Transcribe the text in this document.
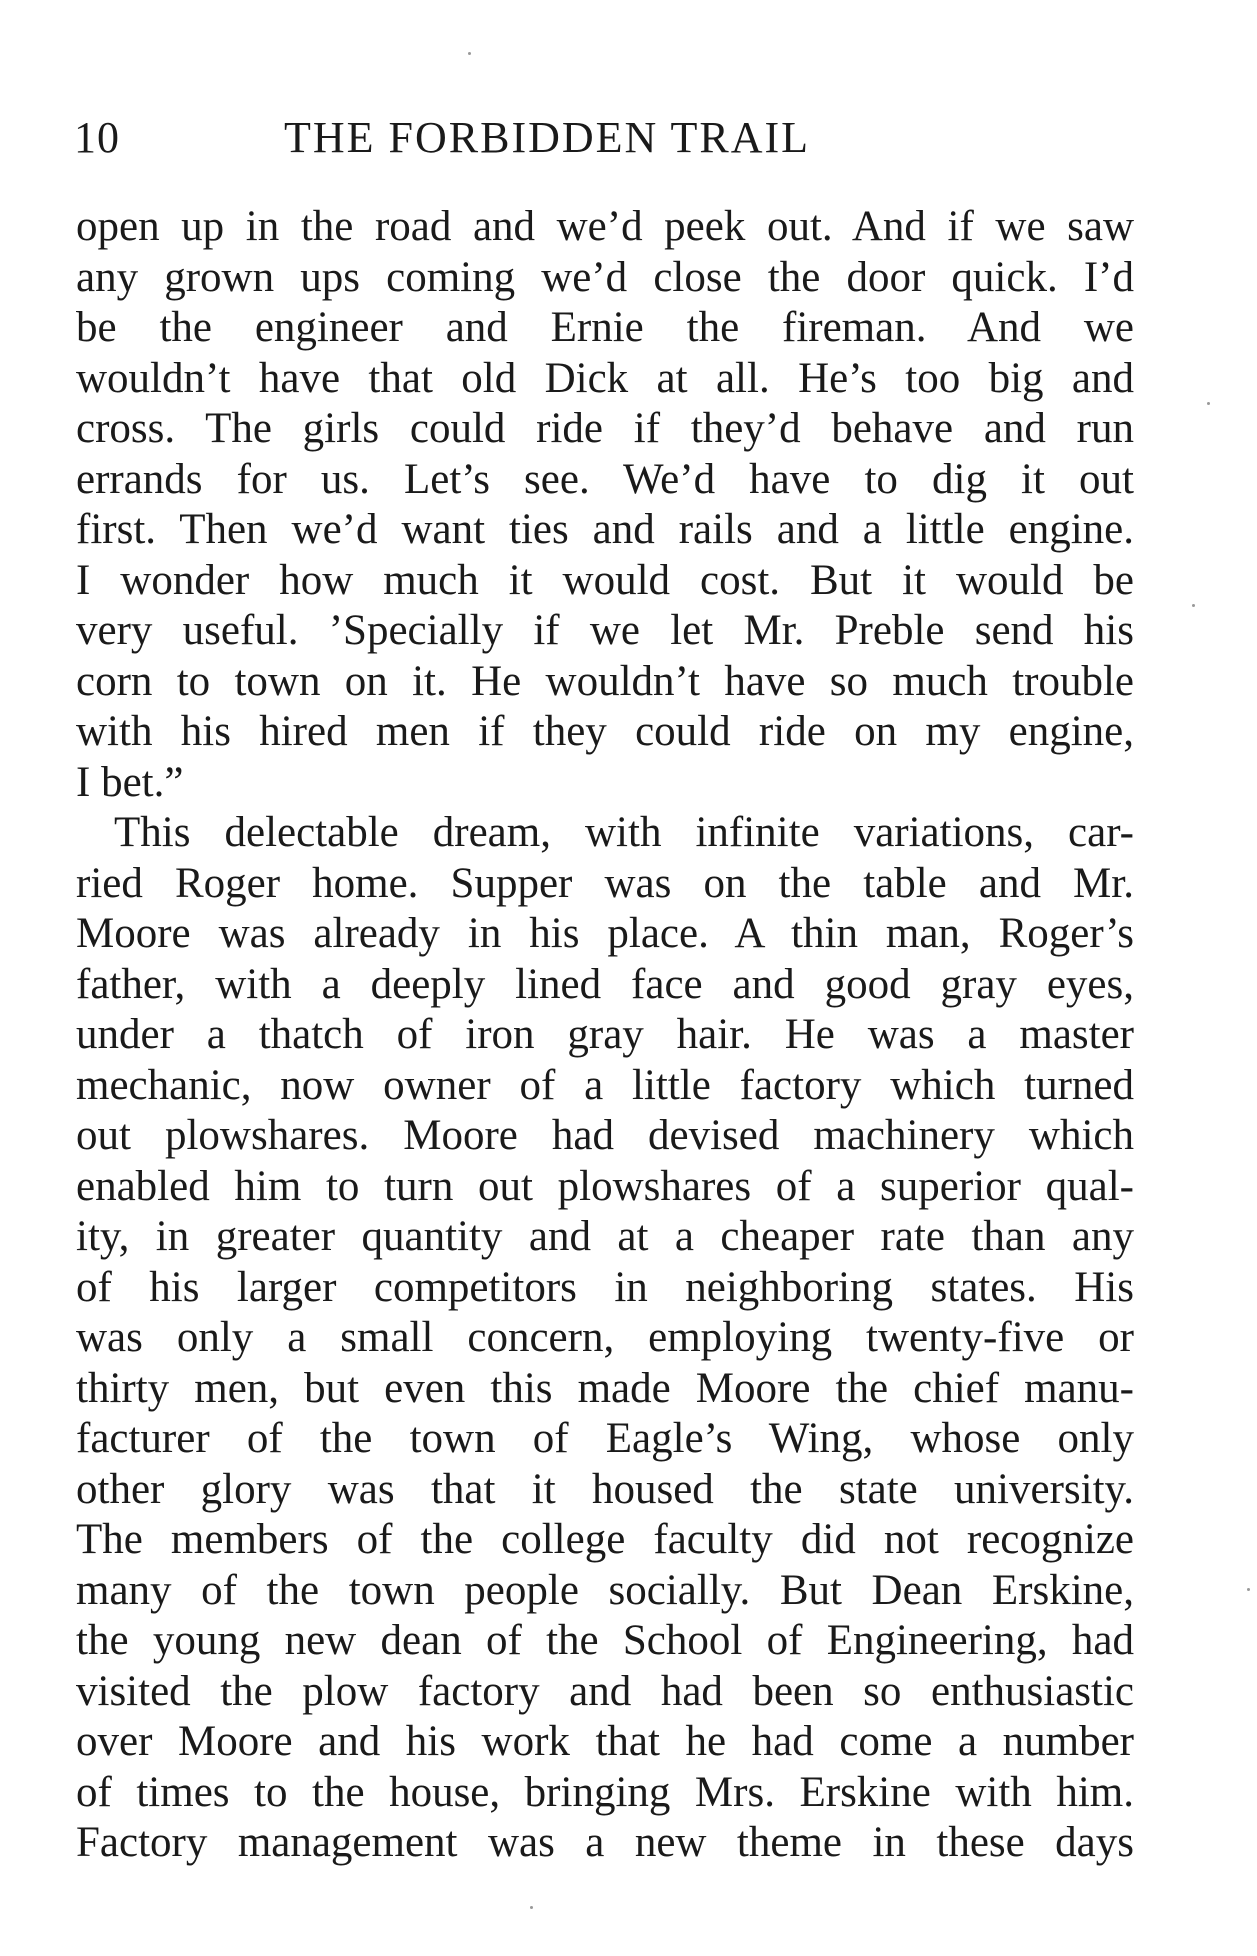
10	THE FORBIDDEN TRAIL
open up in the road and we’d peek out. And if we saw
any grown ups coming we’d close the door quick. I’d
be the engineer and Ernie the fireman. And we
wouldn’t have that old Dick at all. He’s too big and
cross. The girls could ride if they’d behave and run
errands for us. Let’s see. We’d have to dig it out
first. Then we’d want ties and rails and a little engine.
I wonder how much it would cost. But it would be
very useful. ’Specially if we let Mr. Preble send his
corn to town on it. He wouldn’t have so much trouble
with his hired men if they could ride on my engine,
I bet.”
This delectable dream, with infinite variations, car-
ried Roger home. Supper was on the table and Mr.
Moore was already in his place. A thin man, Roger’s
father, with a deeply lined face and good gray eyes,
under a thatch of iron gray hair. He was a master
mechanic, now owner of a little factory which turned
out plowshares. Moore had devised machinery which
enabled him to turn out plowshares of a superior qual-
ity, in greater quantity and at a cheaper rate than any
of his larger competitors in neighboring states. His
was only a small concern, employing twenty-five or
thirty men, but even this made Moore the chief manu-
facturer of the town of Eagle’s Wing, whose only
other glory was that it housed the state university.
The members of the college faculty did not recognize
many of the town people socially. But Dean Erskine,
the young new dean of the School of Engineering, had
visited the plow factory and had been so enthusiastic
over Moore and his work that he had come a number
of times to the house, bringing Mrs. Erskine with him.
Factory management was a new theme in these days
